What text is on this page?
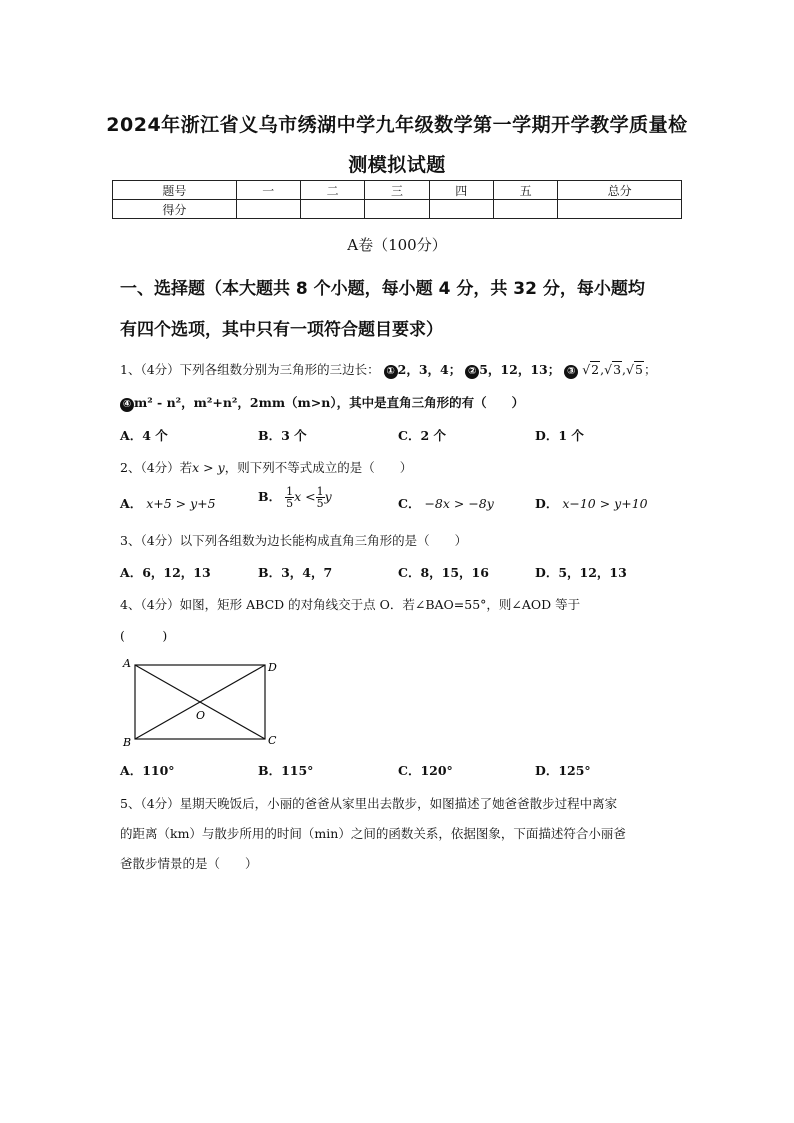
2024年浙江省义乌市绣湖中学九年级数学第一学期开学教学质量检
测模拟试题
题号	一	二	三	四	五	总分
得分						
A卷（100分）
一、选择题（本大题共 8 个小题，每小题 4 分，共 32 分，每小题均
有四个选项，其中只有一项符合题目要求）
1、（4分）下列各组数分别为三角形的三边长： ① 2，3，4； ② 5，12，13； ③ √2,√3,√5；
④ m² - n²，m²+n²，2mm（m>n），其中是直角三角形的有（　　）
A．4 个	B．3 个	C．2 个	D．1 个
2、（4分）若x > y，则下列不等式成立的是（　　）
A． x+5 > y+5	B． $\frac{1}{5}$ $x < \frac{1}{5}$ y	C． −8x > −8y	D． x−10 > y+10
3、（4分）以下列各组数为边长能构成直角三角形的是（　　）
A．6，12，13	B．3，4，7	C．8，15，16	D．5，12，13
4、（4分）如图，矩形 ABCD 的对角线交于点 O．若∠BAO=55°，则∠AOD 等于
(　　　)
A	D
B	C
O
A．110°	B．115°	C．120°	D．125°
5、（4分）星期天晚饭后，小丽的爸爸从家里出去散步，如图描述了她爸爸散步过程中离家
的距离（km）与散步所用的时间（min）之间的函数关系，依据图象，下面描述符合小丽爸
爸散步情景的是（　　）
